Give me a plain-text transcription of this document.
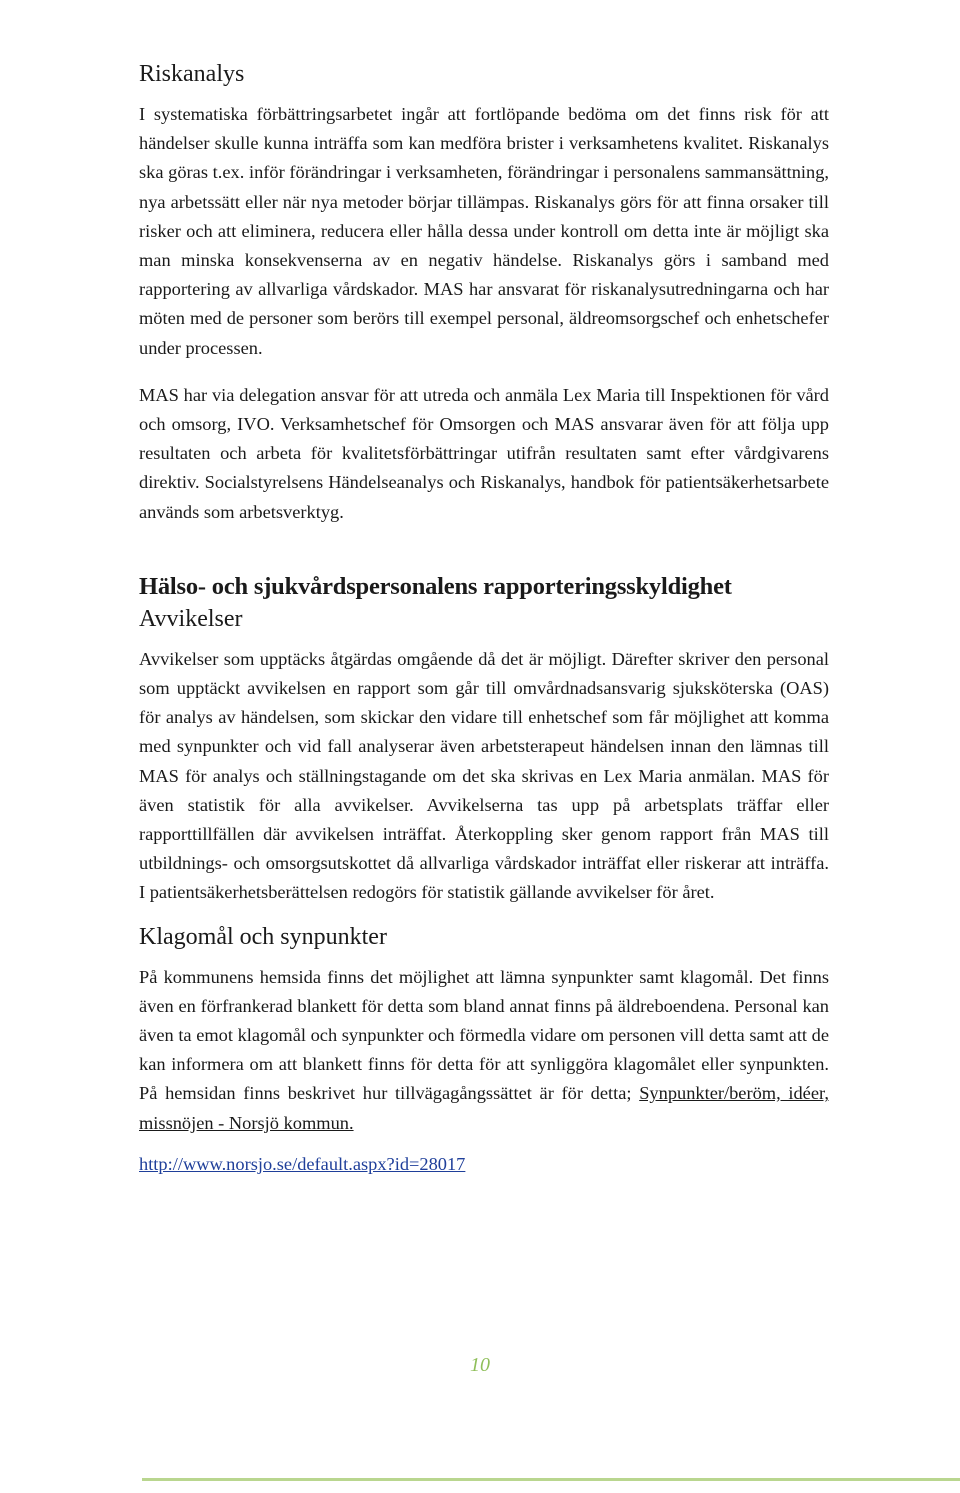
Riskanalys

I systematiska förbättringsarbetet ingår att fortlöpande bedöma om det finns risk för att händelser skulle kunna inträffa som kan medföra brister i verksamhetens kvalitet. Riskanalys ska göras t.ex. inför förändringar i verksamheten, förändringar i personalens sammansättning, nya arbetssätt eller när nya metoder börjar tillämpas. Riskanalys görs för att finna orsaker till risker och att eliminera, reducera eller hålla dessa under kontroll om detta inte är möjligt ska man minska konsekvenserna av en negativ händelse. Riskanalys görs i samband med rapportering av allvarliga vårdskador. MAS har ansvarat för riskanalysutredningarna och har möten med de personer som berörs till exempel personal, äldreomsorgschef och enhetschefer under processen.

MAS har via delegation ansvar för att utreda och anmäla Lex Maria till Inspektionen för vård och omsorg, IVO. Verksamhetschef för Omsorgen och MAS ansvarar även för att följa upp resultaten och arbeta för kvalitetsförbättringar utifrån resultaten samt efter vårdgivarens direktiv. Socialstyrelsens Händelseanalys och Riskanalys, handbok för patientsäkerhetsarbete används som arbetsverktyg.

Hälso- och sjukvårdspersonalens rapporteringsskyldighet
Avvikelser

Avvikelser som upptäcks åtgärdas omgående då det är möjligt. Därefter skriver den personal som upptäckt avvikelsen en rapport som går till omvårdnadsansvarig sjuksköterska (OAS) för analys av händelsen, som skickar den vidare till enhetschef som får möjlighet att komma med synpunkter och vid fall analyserar även arbetsterapeut händelsen innan den lämnas till MAS för analys och ställningstagande om det ska skrivas en Lex Maria anmälan. MAS för även statistik för alla avvikelser. Avvikelserna tas upp på arbetsplats träffar eller rapporttillfällen där avvikelsen inträffat. Återkoppling sker genom rapport från MAS till utbildnings- och omsorgsutskottet då allvarliga vårdskador inträffat eller riskerar att inträffa. I patientsäkerhetsberättelsen redogörs för statistik gällande avvikelser för året.

Klagomål och synpunkter

På kommunens hemsida finns det möjlighet att lämna synpunkter samt klagomål. Det finns även en förfrankerad blankett för detta som bland annat finns på äldreboendena. Personal kan även ta emot klagomål och synpunkter och förmedla vidare om personen vill detta samt att de kan informera om att blankett finns för detta för att synliggöra klagomålet eller synpunkten. På hemsidan finns beskrivet hur tillvägagångssättet är för detta; Synpunkter/beröm, idéer, missnöjen - Norsjö kommun.

http://www.norsjo.se/default.aspx?id=28017

10
